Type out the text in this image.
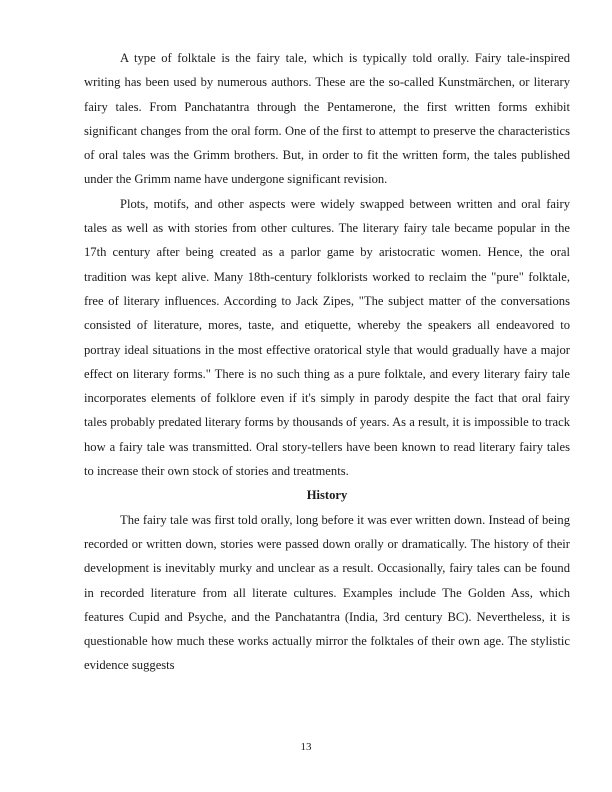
A type of folktale is the fairy tale, which is typically told orally. Fairy tale-inspired writing has been used by numerous authors. These are the so-called Kunstmärchen, or literary fairy tales. From Panchatantra through the Pentamerone, the first written forms exhibit significant changes from the oral form. One of the first to attempt to preserve the characteristics of oral tales was the Grimm brothers. But, in order to fit the written form, the tales published under the Grimm name have undergone significant revision.

Plots, motifs, and other aspects were widely swapped between written and oral fairy tales as well as with stories from other cultures. The literary fairy tale became popular in the 17th century after being created as a parlor game by aristocratic women. Hence, the oral tradition was kept alive. Many 18th-century folklorists worked to reclaim the "pure" folktale, free of literary influences. According to Jack Zipes, "The subject matter of the conversations consisted of literature, mores, taste, and etiquette, whereby the speakers all endeavored to portray ideal situations in the most effective oratorical style that would gradually have a major effect on literary forms." There is no such thing as a pure folktale, and every literary fairy tale incorporates elements of folklore even if it's simply in parody despite the fact that oral fairy tales probably predated literary forms by thousands of years. As a result, it is impossible to track how a fairy tale was transmitted. Oral story-tellers have been known to read literary fairy tales to increase their own stock of stories and treatments.

History

The fairy tale was first told orally, long before it was ever written down. Instead of being recorded or written down, stories were passed down orally or dramatically. The history of their development is inevitably murky and unclear as a result. Occasionally, fairy tales can be found in recorded literature from all literate cultures. Examples include The Golden Ass, which features Cupid and Psyche, and the Panchatantra (India, 3rd century BC). Nevertheless, it is questionable how much these works actually mirror the folktales of their own age. The stylistic evidence suggests

13
